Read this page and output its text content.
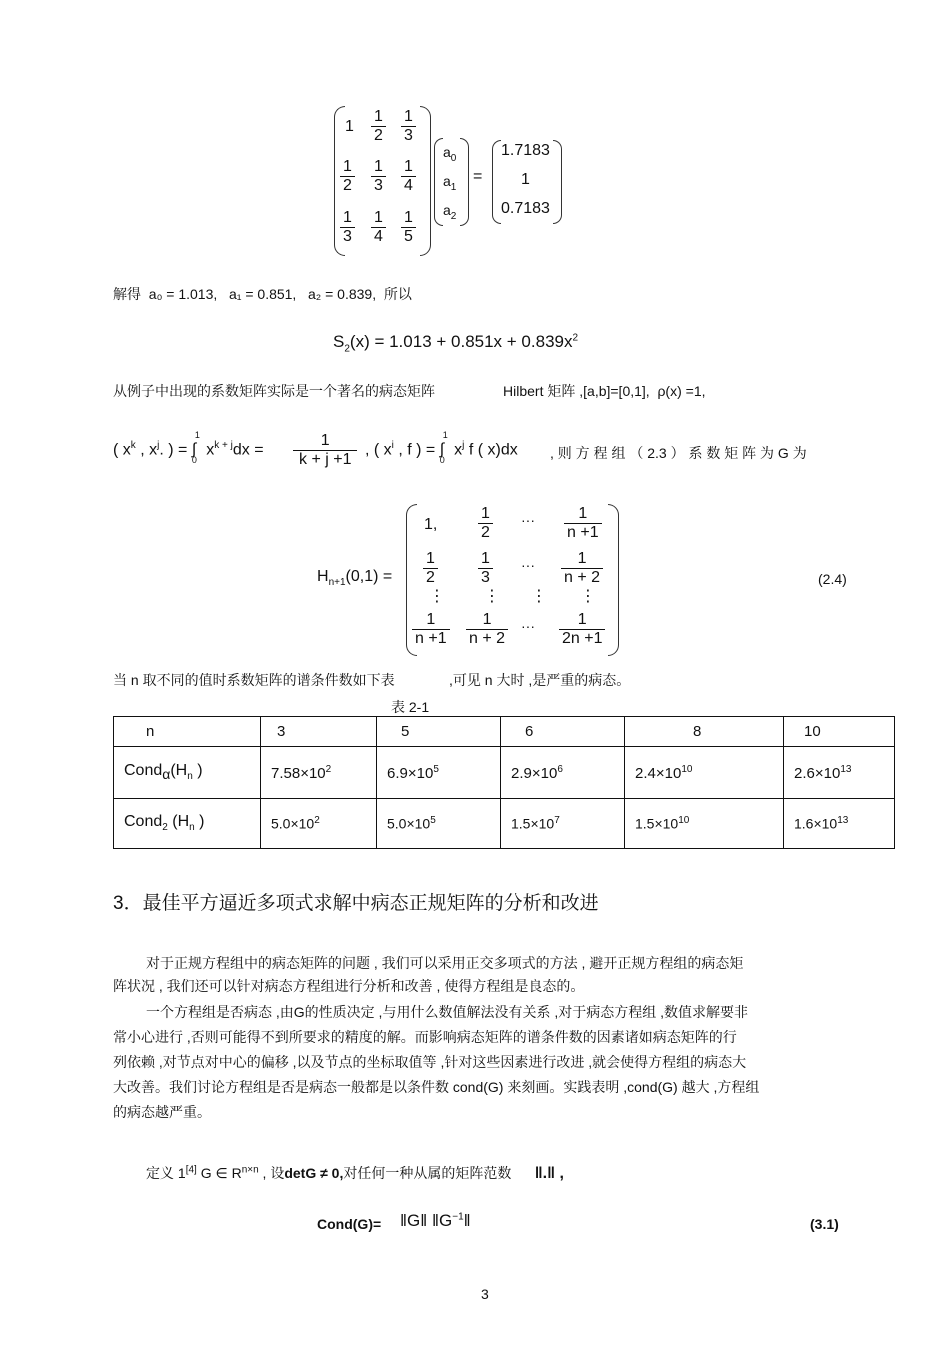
$1 \frac{1}{2} \frac{1}{3}$
$\frac{1}{2} \frac{1}{3} \frac{1}{4}$
$\frac{1}{3} \frac{1}{4} \frac{1}{5}$
$a_0$
$a_1$
$a_2$
=
1.7183
1
0.7183
解得 a₀ = 1.013, a₁ = 0.851, a₂ = 0.839, 所以
$S_2(x) = 1.013 + 0.851x + 0.839x^2$
从例子中出现的系数矩阵实际是一个著名的病态矩阵	Hilbert 矩阵 ,[a,b]=[0,1], ρ(x) =1,
( $x^k$ , $x^j$. ) = ∫
1
0
$x^{k + j}dx = \frac{1}{k + j +1}$ , ( $x^i$ , f ) = ∫
1
0
$x^j$ f ( x)dx , 则 方 程 组 （ 2.3 ） 系 数 矩 阵 为 G 为
$H_{n+1}(0,1)$ =
1,	$\frac{1}{2}$ ··· $\frac{1}{n +1}$
$\frac{1}{2}$	$\frac{1}{3}$ ··· $\frac{1}{n + 2}$
⋮ ⋮ ⋮ ⋮
$\frac{1}{n +1} \frac{1}{n + 2}$ ··· $\frac{1}{2n +1}$
(2.4)
当 n 取不同的值时系数矩阵的谱条件数如下表	,可见 n 大时 ,是严重的病态。
表 2-1
n	3	5	6	8	10
$Cond_\alpha(H_n$ )	$7.58\times 10^2$	$6.9\times 10^5$	$2.9\times 10^6$	$2.4\times 10^{10}$	$2.6\times 10^{13}$
Cond$_2$ ($H_n$ )	$5.0\times 10^2$	$5.0\times 10^5$	$1.5\times 10^7$	$1.5\times 10^{10}$	$1.6\times 10^{13}$
3．最佳平方逼近多项式求解中病态正规矩阵的分析和改进
对于正规方程组中的病态矩阵的问题 , 我们可以采用正交多项式的方法 , 避开正规方程组的病态矩
阵状况 , 我们还可以针对病态方程组进行分析和改善 , 使得方程组是良态的。
一个方程组是否病态 ,由G的性质决定 ,与用什么数值解法没有关系 ,对于病态方程组 ,数值求解要非
常小心进行 ,否则可能得不到所要求的精度的解。而影响病态矩阵的谱条件数的因素诸如病态矩阵的行
列依赖 ,对节点对中心的偏移 ,以及节点的坐标取值等 ,针对这些因素进行改进 ,就会使得方程组的病态大
大改善。我们讨论方程组是否是病态一般都是以条件数 cond(G) 来刻画。实践表明 ,cond(G) 越大 ,方程组
的病态越严重。
定义 1[4] G ∈ $R^{n\times n}$ , 设detG ≠ 0,对任何一种从属的矩阵范数 ‖.‖ ,
Cond(G)= ‖G‖ $‖G^{-1}‖$	(3.1)
3
